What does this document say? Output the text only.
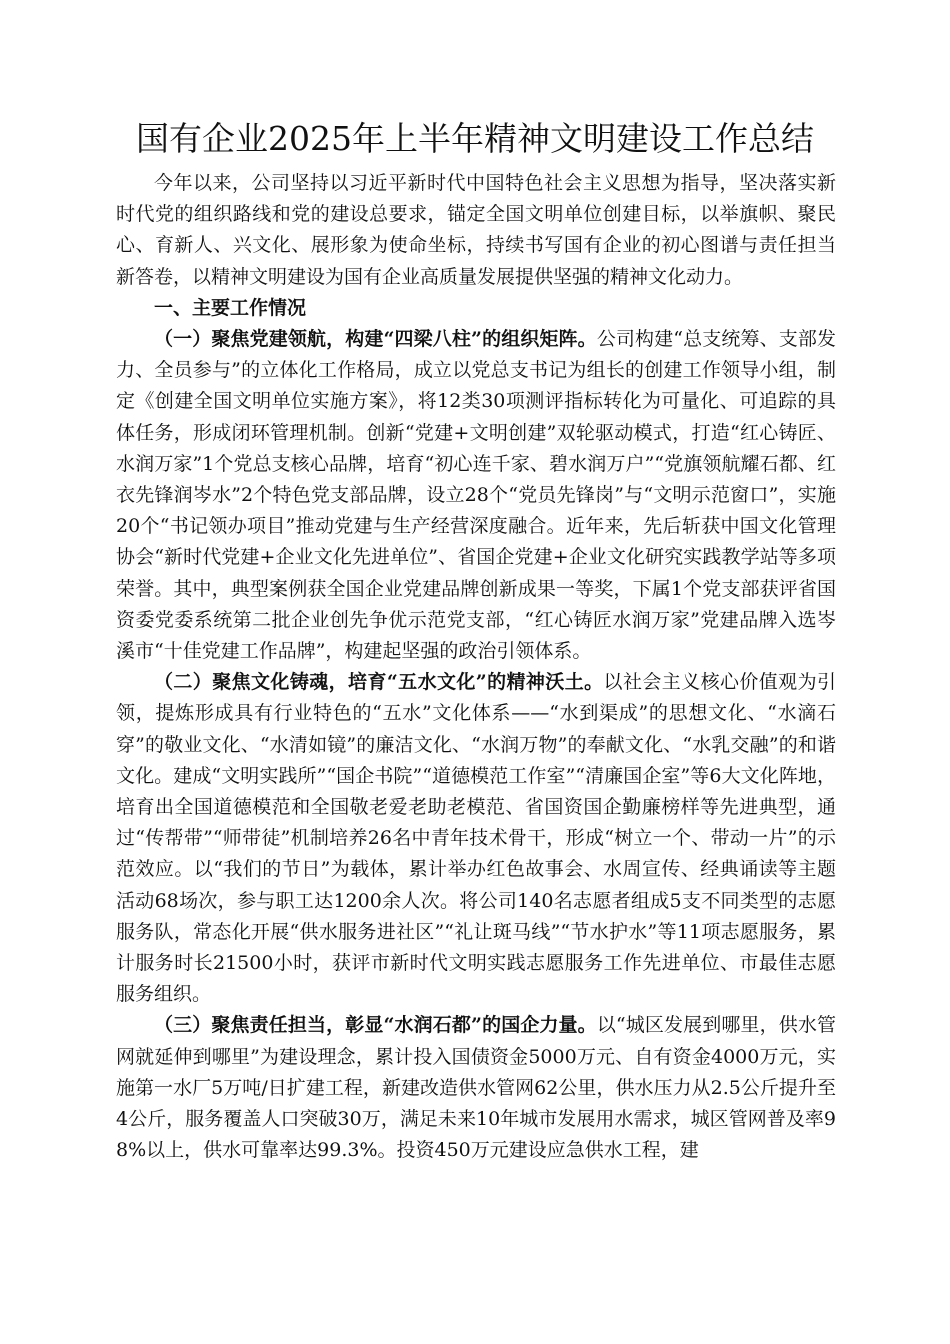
国有企业2025年上半年精神文明建设工作总结

今年以来，公司坚持以习近平新时代中国特色社会主义思想为指导，坚决落实新时代党的组织路线和党的建设总要求，锚定全国文明单位创建目标，以举旗帜、聚民心、育新人、兴文化、展形象为使命坐标，持续书写国有企业的初心图谱与责任担当新答卷，以精神文明建设为国有企业高质量发展提供坚强的精神文化动力。

一、主要工作情况

（一）聚焦党建领航，构建“四梁八柱”的组织矩阵。公司构建“总支统筹、支部发力、全员参与”的立体化工作格局，成立以党总支书记为组长的创建工作领导小组，制定《创建全国文明单位实施方案》，将12类30项测评指标转化为可量化、可追踪的具体任务，形成闭环管理机制。创新“党建+文明创建”双轮驱动模式，打造“红心铸匠、水润万家”1个党总支核心品牌，培育“初心连千家、碧水润万户”“党旗领航耀石都、红衣先锋润岑水”2个特色党支部品牌，设立28个“党员先锋岗”与“文明示范窗口”，实施20个“书记领办项目”推动党建与生产经营深度融合。近年来，先后斩获中国文化管理协会“新时代党建+企业文化先进单位”、省国企党建+企业文化研究实践教学站等多项荣誉。其中，典型案例获全国企业党建品牌创新成果一等奖，下属1个党支部获评省国资委党委系统第二批企业创先争优示范党支部，“红心铸匠水润万家”党建品牌入选岑溪市“十佳党建工作品牌”，构建起坚强的政治引领体系。

（二）聚焦文化铸魂，培育“五水文化”的精神沃土。以社会主义核心价值观为引领，提炼形成具有行业特色的“五水”文化体系——“水到渠成”的思想文化、“水滴石穿”的敬业文化、“水清如镜”的廉洁文化、“水润万物”的奉献文化、“水乳交融”的和谐文化。建成“文明实践所”“国企书院”“道德模范工作室”“清廉国企室”等6大文化阵地，培育出全国道德模范和全国敬老爱老助老模范、省国资国企勤廉榜样等先进典型，通过“传帮带”“师带徒”机制培养26名中青年技术骨干，形成“树立一个、带动一片”的示范效应。以“我们的节日”为载体，累计举办红色故事会、水周宣传、经典诵读等主题活动68场次，参与职工达1200余人次。将公司140名志愿者组成5支不同类型的志愿服务队，常态化开展“供水服务进社区”“礼让斑马线”“节水护水”等11项志愿服务，累计服务时长21500小时，获评市新时代文明实践志愿服务工作先进单位、市最佳志愿服务组织。

（三）聚焦责任担当，彰显“水润石都”的国企力量。以“城区发展到哪里，供水管网就延伸到哪里”为建设理念，累计投入国债资金5000万元、自有资金4000万元，实施第一水厂5万吨/日扩建工程，新建改造供水管网62公里，供水压力从2.5公斤提升至4公斤，服务覆盖人口突破30万，满足未来10年城市发展用水需求，城区管网普及率98%以上，供水可靠率达99.3%。投资450万元建设应急供水工程，建
